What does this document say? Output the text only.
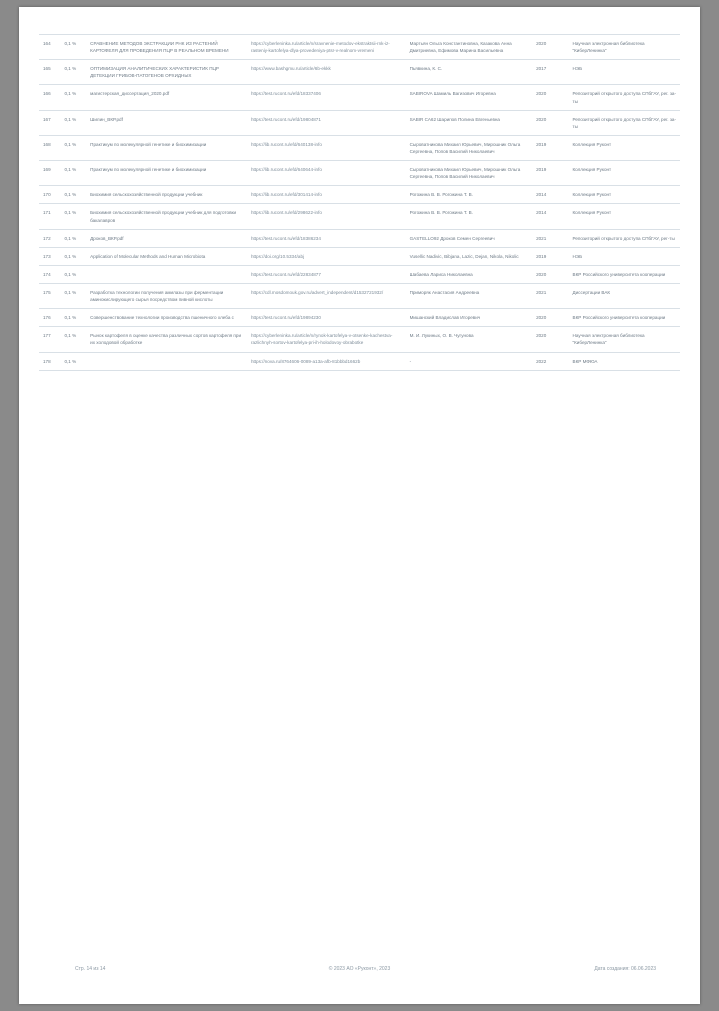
164	0,1 %	СРАВНЕНИЕ МЕТОДОВ ЭКСТРАКЦИИ РНК ИЗ РАСТЕНИЙ КАРТОФЕЛЯ ДЛЯ ПРОВЕДЕНИЯ ПЦР В РЕАЛЬНОМ ВРЕМЕНИ	https://cyberleninka.ru/article/n/sravnenie-metodov-ekstraktsii-rnk-iz-rasteniy-kartofelya-dlya-provedeniya-ptsr-v-realnom-vremeni	Мартьян Ольга Константиновна, Казакова Анна Дмитриевна, Ефимова Марина Васильевна	2020	Научная электронная библиотека "КиберЛенинка"
165	0,1 %	ОПТИМИЗАЦИЯ АНАЛИТИЧЕСКИХ ХАРАКТЕРИСТИК ПЦР ДЕТЕКЦИИ ГРИБОВ-ПАТОГЕНОВ ОРХИДНЫХ	https://www.bashgmu.ru/article/6b-ekkk	Пьявкина, К. С.	2017	НЭБ
166	0,1 %	магистерская_диссертация_2020.pdf	https://test.rucont.ru/efd/18337406	SABIROVA Шамиль Вагизович Игоревна	2020	Репозиторий открытого доступа СПбГАУ, рег. за-ты
167	0,1 %	Шилин_ВКР.pdf	https://test.rucont.ru/efd/19804871	SABIR СА62 Шарипов Полина Евгеньевна	2020	Репозиторий открытого доступа СПбГАУ, рег. за-ты
168	0,1 %	Практикум по молекулярной генетике и биохимизации	https://lib.rucont.ru/efd/640138-info	Сыроватникова Михаил Юрьевич, Мирошник Ольга Сергеевна, Попов Василий Николаевич	2019	Коллекция Руконт
169	0,1 %	Практикум по молекулярной генетике и биохимизации	https://lib.rucont.ru/efd/640644-info	Сыроватникова Михаил Юрьевич, Мирошник Ольга Сергеевна, Попов Василий Николаевич	2019	Коллекция Руконт
170	0,1 %	Биохимия сельскохозяйственной продукции учебник	https://lib.rucont.ru/efd/301414-info	Рогожина В. В. Рогожина Т. В.	2014	Коллекция Руконт
171	0,1 %	Биохимия сельскохозяйственной продукции учебник для подготовки бакалавров	https://lib.rucont.ru/efd/298622-info	Рогожина В. В. Рогожина Т. В.	2014	Коллекция Руконт
172	0,1 %	Дроков_ВКР.pdf	https://test.rucont.ru/efd/18386234	GASTELLO92 Дроков Семен Сергеевич	2021	Репозиторий открытого доступа СПбГАУ, рег-ты
173	0,1 %	Application of Molecular Methods and Human Microbiota	https://doi.org/10.5334/abj	Vuselliс Nadivic, Bibjana, Lazic, Dejan, Nikola, Nikolic	2019	НЭБ
174	0,1 %		https://test.rucont.ru/efd/22834877	Шабаева Лариса Николаевна	2020	ВКР Российского университета кооперации
175	0,1 %	Разработка технологии получения амилазы при ферментации аминокислирующего сырья посредством пивной кислоты	https://cdl.mosdomouk.gov.ru/advert_independent/d1532721932/	Приморяк Анастасия Андреевна	2021	Диссертации ВАК
176	0,1 %	Совершенствование технологии производства пшеничного хлеба с	https://test.rucont.ru/efd/19894230	Мишанский Владислав Игоревич	2020	ВКР Российского университета кооперации
177	0,1 %	Рынок картофеля в оценке качества различных сортов картофеля при их холодовой обработке	https://cyberleninka.ru/article/n/rynok-kartofelya-v-otsenke-kachestva-razlichnyh-sortov-kartofelya-pri-ih-holodovoy-obrabotke	М. И. Лукиных, О. В. Чугунова	2020	Научная электронная библиотека "КиберЛенинка"
178	0,1 %		https://nova.ru/8764606-0089-a13a-afb-81bbbd1662b	-	2022	ВКР МФЮА
Стр. 14 из 14	© 2023 АО «Руконт», 2023	Дата создания: 06.06.2023
